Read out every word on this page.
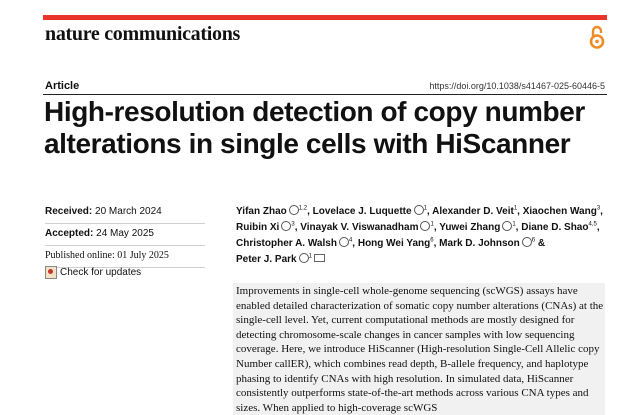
nature communications
Article	https://doi.org/10.1038/s41467-025-60446-5
High-resolution detection of copy number alterations in single cells with HiScanner
Received: 20 March 2024
Accepted: 24 May 2025
Published online: 01 July 2025
Check for updates
Yifan Zhao $^{1,2}$, Lovelace J. Luquette $^1$, Alexander D. Veit$^1$, Xiaochen Wang$^3$, Ruibin Xi $^3$, Vinayak V. Viswanadham $^1$, Yuwei Zhang $^1$, Diane D. Shao$^{4,5}$, Christopher A. Walsh $^4$, Hong Wei Yang$^6$, Mark D. Johnson $^6$ & Peter J. Park $^1$

Improvements in single-cell whole-genome sequencing (scWGS) assays have enabled detailed characterization of somatic copy number alterations (CNAs) at the single-cell level. Yet, current computational methods are mostly designed for detecting chromosome-scale changes in cancer samples with low sequencing coverage. Here, we introduce HiScanner (High-resolution Single-Cell Allelic copy Number callER), which combines read depth, B-allele frequency, and haplotype phasing to identify CNAs with high resolution. In simulated data, HiScanner consistently outperforms state-of-the-art methods across various CNA types and sizes. When applied to high-coverage scWGS
